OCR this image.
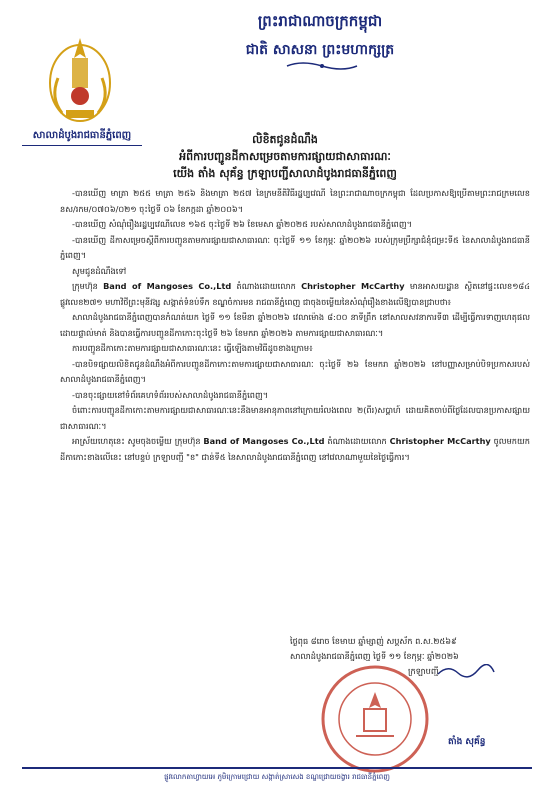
ព្រះរាជាណាចក្រកម្ពុជា
ជាតិ សាសនា ព្រះមហាក្សត្រ
សាលាដំបូងរាជធានីភ្នំពេញ	លិខិតជូនដំណឹង
អំពីការបញ្ជូនដីកាសម្រេចតាមការផ្សាយជាសាធារណៈ
យើង តាំង សុគ័ន្ធ ក្រឡាបញ្ជីសាលាដំបូងរាជធានីភ្នំពេញ

-បានឃើញ មាត្រា ២៥៥ មាត្រា ២៥៦ និងមាត្រា ២៥៧ នៃក្រមនីតិវិធីរដ្ឋប្បវេណី នៃព្រះរាជាណាចក្រកម្ពុជា ដែលប្រកាសឱ្យប្រើតាមព្រះរាជក្រមលេខ នស/រកម/០៧០៦/០២១ ចុះថ្ងៃទី ០៦ ខែកក្កដា ឆ្នាំ២០០៦។

-បានឃើញ សំណុំរឿងរដ្ឋប្បវេណីលេខ ១៦៥ ចុះថ្ងៃទី ២៦ ខែមេសា ឆ្នាំ២០២៥ របស់សាលាដំបូងរាជធានីភ្នំពេញ។

-បានឃើញ ដីកាសម្រេចស្ដីពីការបញ្ជូនតាមការផ្សាយជាសាធារណៈ ចុះថ្ងៃទី ១១ ខែកុម្ភៈ ឆ្នាំ២០២៦ របស់ក្រុមប្រឹក្សាជំនុំជម្រះទី៥ នៃសាលាដំបូងរាជធានីភ្នំពេញ។

សូមជូនដំណឹងទៅ

ក្រុមហ៊ុន Band of Mangoses Co.,Ltd តំណាងដោយលោក Christopher McCarthy មានអាសយដ្ឋាន ស្ថិតនៅផ្ទះលេខ១៨៤ ផ្លូវលេខ២៧១ មហាវិថីព្រះមុនីវង្ស សង្កាត់ទំនប់ទឹក ខណ្ឌចំការមន រាជធានីភ្នំពេញ ជាចុងចម្លើយនៃសំណុំរឿងខាងលើឱ្យបានជ្រាបថា៖

សាលាដំបូងរាជធានីភ្នំពេញបានកំណត់យក ថ្ងៃទី ១១ ខែមីនា ឆ្នាំ២០២៦ វេលាម៉ោង ៨:០០ នាទីព្រឹក នៅសាលសវនាការទី៣ ដើម្បីធ្វើការទាញហេតុផលដោយផ្ទាល់មាត់ និងបានធ្វើការបញ្ជូនដីកាកោះចុះថ្ងៃទី ២៦ ខែមករា ឆ្នាំ២០២៦ តាមការផ្សាយជាសាធារណៈ។

ការបញ្ជូនដីកាកោះតាមការផ្សាយជាសាធារណៈនេះ ធ្វើឡើងតាមវិធីដូចខាងក្រោម៖

-បានបិទផ្សាយលិខិតជូនដំណឹងអំពីការបញ្ជូនដីកាកោះតាមការផ្សាយជាសាធារណៈ ចុះថ្ងៃទី ២៦ ខែមករា ឆ្នាំ២០២៦ នៅបញ្ញាសម្រាប់បិទប្រកាសរបស់សាលាដំបូងរាជធានីភ្នំពេញ។

-បានចុះផ្សាយនៅទំព័រគេហទំព័ររបស់សាលាដំបូងរាជធានីភ្នំពេញ។

ចំពោះការបញ្ជូនដីកាកោះតាមការផ្សាយជាសាធារណៈនេះនឹងមានអានុភាពនៅក្រោយរំលងពេល ២(ពីរ)សប្តាហ៍ ដោយគិតចាប់ពីថ្ងៃដែលបានប្រកាសផ្សាយជាសាធារណៈ។

អាស្រ័យហេតុនេះ សូមចុងចម្លើយ ក្រុមហ៊ុន Band of Mangoses Co.,Ltd តំណាងដោយលោក Christopher McCarthy ចូលមកយកដីកាកោះខាងលើនេះ នៅបន្ទប់ ក្រឡាបញ្ជី "ខ" ជាន់ទី៥ នៃសាលាដំបូងរាជធានីភ្នំពេញ នៅវេលាណាមួយនៃថ្ងៃធ្វើការ។

ថ្ងៃពុធ ៨រោច ខែមាឃ ឆ្នាំម្សាញ់ សប្តស័ក ព.ស.២៥៦៩
សាលាដំបូងរាជធានីភ្នំពេញ ថ្ងៃទី ១១ ខែកុម្ភៈ ឆ្នាំ២០២៦
ក្រឡាបញ្ជី
តាំង សុគ័ន្ធ
ផ្លូវលោកតាហ្វាយអេ ភូមិក្រោមជ្រោយ សង្កាត់ស្រាសេង ខណ្ឌជ្រោយចង្វារ រាជធានីភ្នំពេញ
